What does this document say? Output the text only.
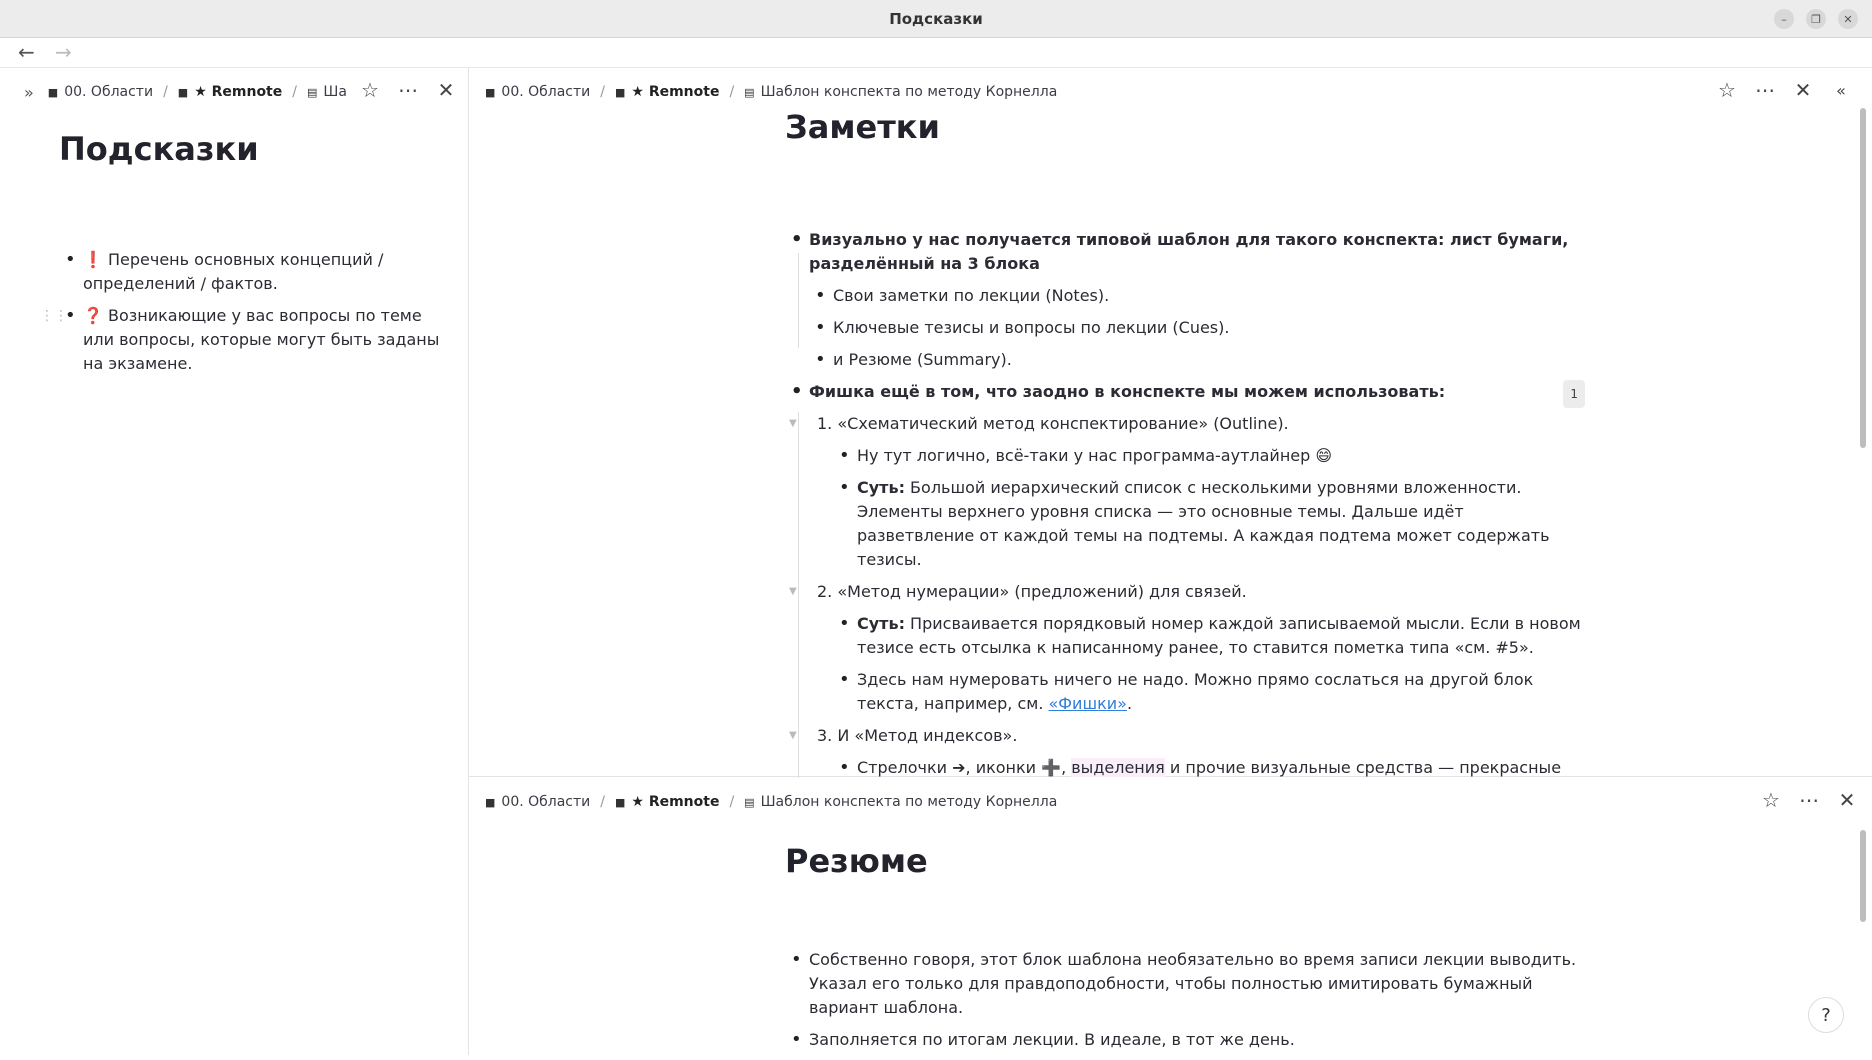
Подсказки	–	❐	✕
← →
» ■ 00. Области / ■ ★ Remnote / ▤ Ша ☆ ⋯ ✕
Подсказки
⋮⋮
• ❗ Перечень основных концепций / определений / фактов.
• ❓ Возникающие у вас вопросы по теме или вопросы, которые могут быть заданы на экзамене.
■ 00. Области / ■ ★ Remnote / ▤ Шаблон конспекта по методу Корнелла	☆ ⋯ ✕	«
Заметки
• Визуально у нас получается типовой шаблон для такого конспекта: лист бумаги, разделённый на 3 блока
• Свои заметки по лекции (Notes).
• Ключевые тезисы и вопросы по лекции (Cues).
• и Резюме (Summary).
• Фишка ещё в том, что заодно в конспекте мы можем использовать:	1
▼ 1. «Схематический метод конспектирование» (Outline).
• Ну тут логично, всё-таки у нас программа-аутлайнер 😄
• Суть: Большой иерархический список с несколькими уровнями вложенности. Элементы верхнего уровня списка — это основные темы. Дальше идёт разветвление от каждой темы на подтемы. А каждая подтема может содержать тезисы.
▼ 2. «Метод нумерации» (предложений) для связей.
• Суть: Присваивается порядковый номер каждой записываемой мысли. Если в новом тезисе есть отсылка к написанному ранее, то ставится пометка типа «см. #5».
• Здесь нам нумеровать ничего не надо. Можно прямо сослаться на другой блок текста, например, см. «Фишки».
▼ 3. И «Метод индексов».
• Стрелочки ➔, иконки ➕, выделения и прочие визуальные средства — прекрасные
■ 00. Области / ■ ★ Remnote / ▤ Шаблон конспекта по методу Корнелла	☆ ⋯ ✕
Резюме
• Собственно говоря, этот блок шаблона необязательно во время записи лекции выводить. Указал его только для правдоподобности, чтобы полностью имитировать бумажный вариант шаблона.
• Заполняется по итогам лекции. В идеале, в тот же день.
?
